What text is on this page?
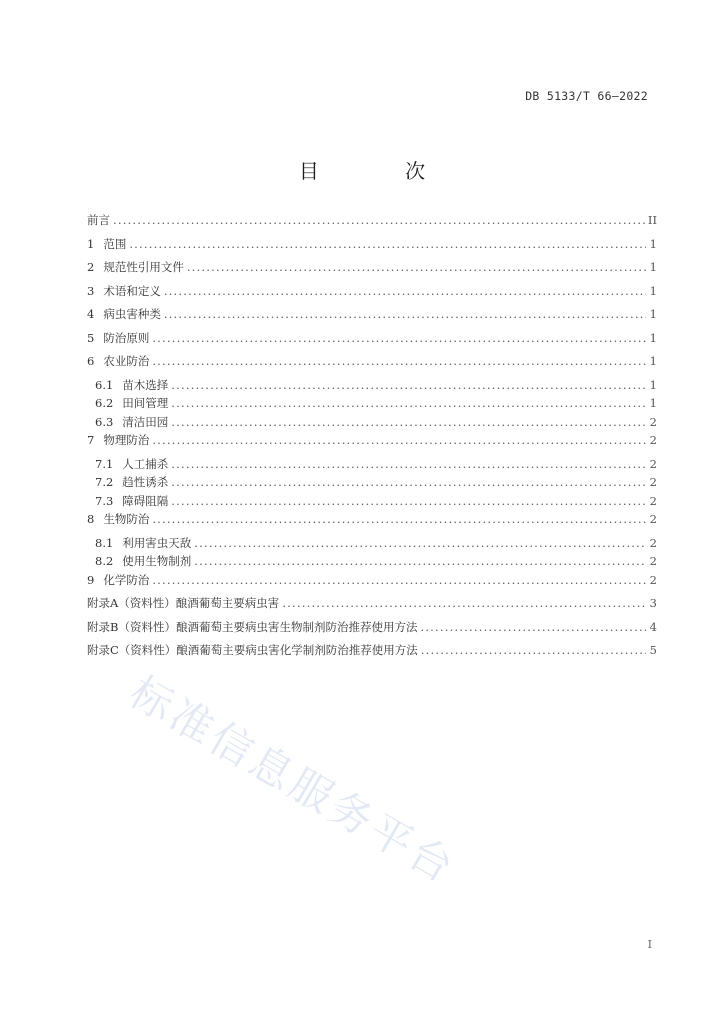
DB 5133/T 66—2022
目 次
前言 .....	II
1 范围 .....	1
2 规范性引用文件 .....	1
3 术语和定义 .....	1
4 病虫害种类 .....	1
5 防治原则 .....	1
6 农业防治 .....	1
6.1 苗木选择 .....	1
6.2 田间管理 .....	1
6.3 清洁田园 .....	2
7 物理防治 .....	2
7.1 人工捕杀 .....	2
7.2 趋性诱杀 .....	2
7.3 障碍阻隔 .....	2
8 生物防治 .....	2
8.1 利用害虫天敌 .....	2
8.2 使用生物制剂 .....	2
9 化学防治 .....	2
附录A（资料性）酿酒葡萄主要病虫害 .....	3
附录B（资料性）酿酒葡萄主要病虫害生物制剂防治推荐使用方法 .....	4
附录C（资料性）酿酒葡萄主要病虫害化学制剂防治推荐使用方法 .....	5
标准信息服务平台
I
